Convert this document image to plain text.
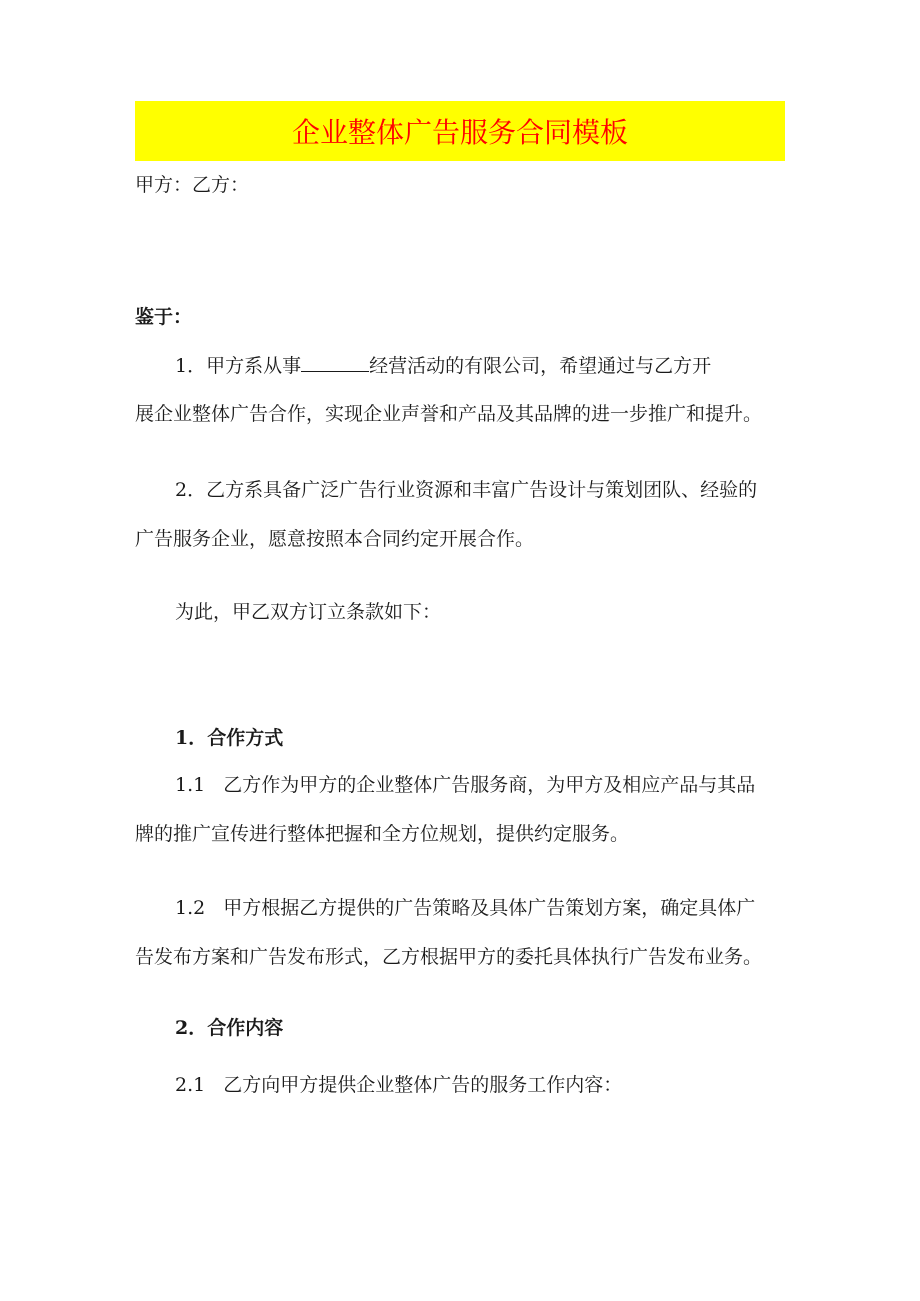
企业整体广告服务合同模板
甲方：乙方：
鉴于：
1．甲方系从事	经营活动的有限公司，希望通过与乙方开
展企业整体广告合作，实现企业声誉和产品及其品牌的进一步推广和提升。
2．乙方系具备广泛广告行业资源和丰富广告设计与策划团队、经验的
广告服务企业，愿意按照本合同约定开展合作。
为此，甲乙双方订立条款如下：
1．合作方式
1.1 乙方作为甲方的企业整体广告服务商，为甲方及相应产品与其品
牌的推广宣传进行整体把握和全方位规划，提供约定服务。
1.2 甲方根据乙方提供的广告策略及具体广告策划方案，确定具体广
告发布方案和广告发布形式，乙方根据甲方的委托具体执行广告发布业务。
2．合作内容
2.1 乙方向甲方提供企业整体广告的服务工作内容：
